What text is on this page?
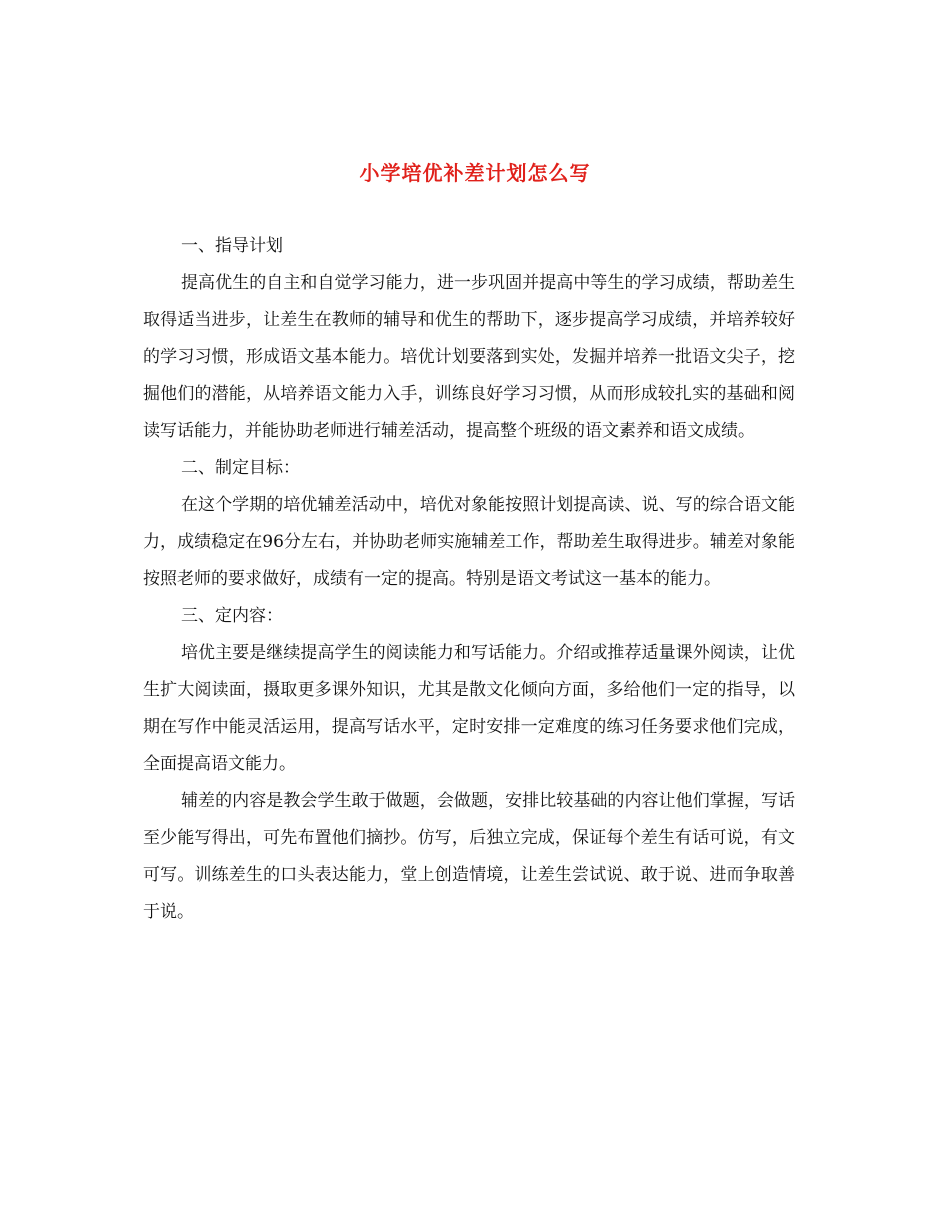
小学培优补差计划怎么写

一、指导计划

提高优生的自主和自觉学习能力，进一步巩固并提高中等生的学习成绩，帮助差生取得适当进步，让差生在教师的辅导和优生的帮助下，逐步提高学习成绩，并培养较好的学习习惯，形成语文基本能力。培优计划要落到实处，发掘并培养一批语文尖子，挖掘他们的潜能，从培养语文能力入手，训练良好学习习惯，从而形成较扎实的基础和阅读写话能力，并能协助老师进行辅差活动，提高整个班级的语文素养和语文成绩。

二、制定目标：

在这个学期的培优辅差活动中，培优对象能按照计划提高读、说、写的综合语文能力，成绩稳定在96分左右，并协助老师实施辅差工作，帮助差生取得进步。辅差对象能按照老师的要求做好，成绩有一定的提高。特别是语文考试这一基本的能力。

三、定内容：

培优主要是继续提高学生的阅读能力和写话能力。介绍或推荐适量课外阅读，让优生扩大阅读面，摄取更多课外知识，尤其是散文化倾向方面，多给他们一定的指导，以期在写作中能灵活运用，提高写话水平，定时安排一定难度的练习任务要求他们完成，全面提高语文能力。

辅差的内容是教会学生敢于做题，会做题，安排比较基础的内容让他们掌握，写话至少能写得出，可先布置他们摘抄。仿写，后独立完成，保证每个差生有话可说，有文可写。训练差生的口头表达能力，堂上创造情境，让差生尝试说、敢于说、进而争取善于说。
